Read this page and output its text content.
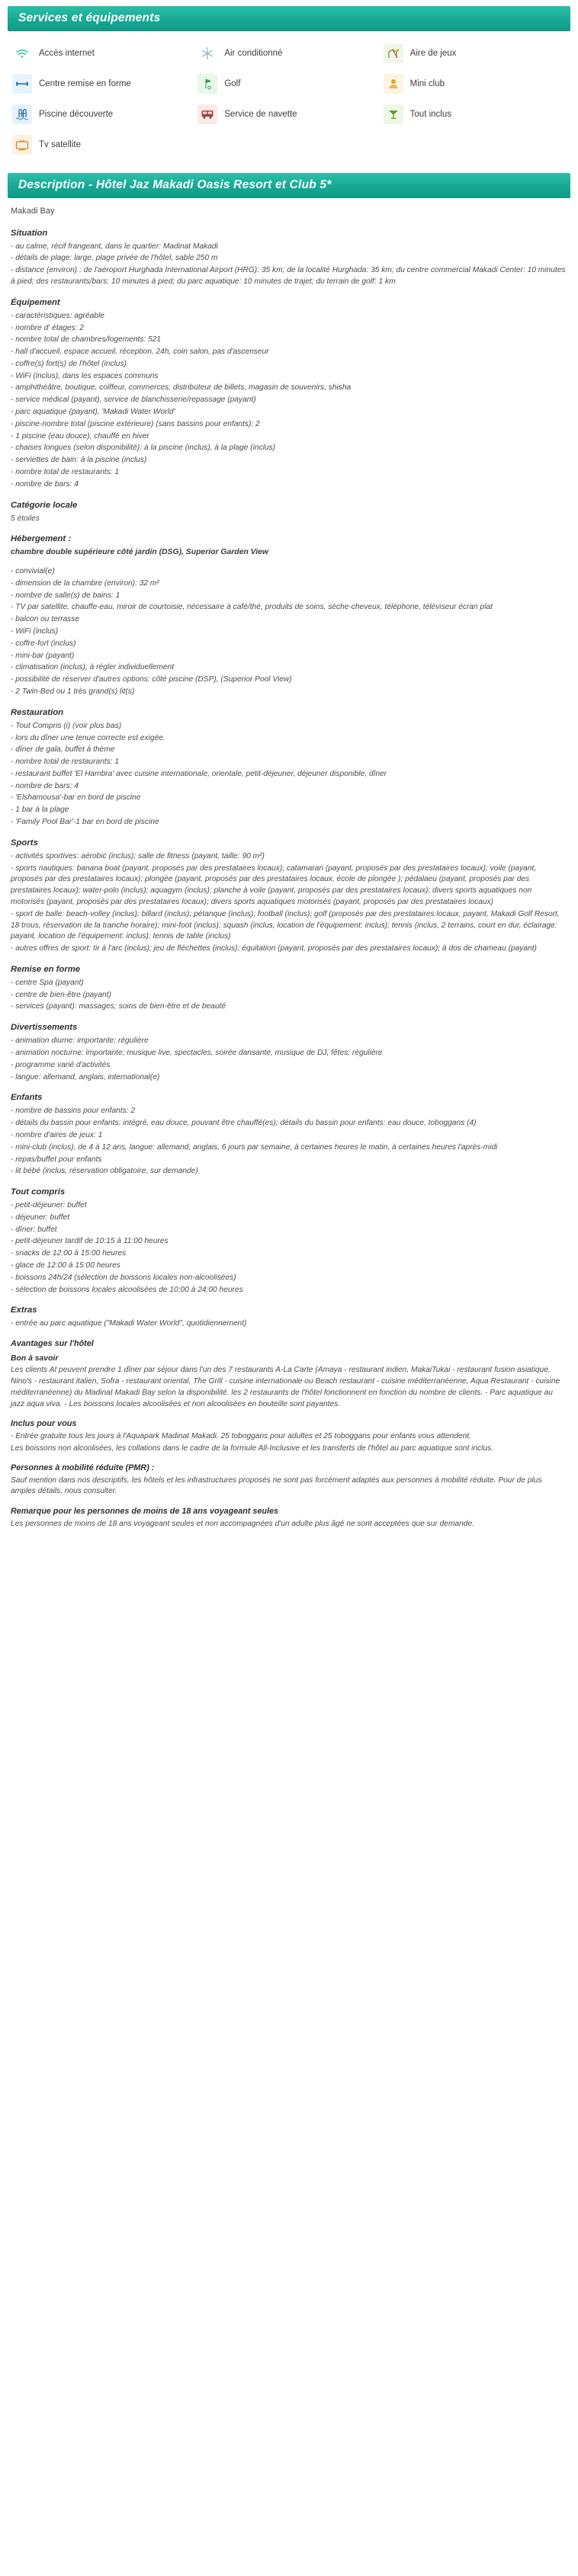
Services et équipements
Accès internet	Air conditionné	Aire de jeux
Centre remise en forme	Golf	Mini club
Piscine découverte	Service de navette	Tout inclus
Tv satellite
Description - Hôtel Jaz Makadi Oasis Resort et Club 5*
Makadi Bay
Situation

- au calme, récif frangeant, dans le quartier: Madinat Makadi

- détails de plage: large, plage privée de l'hôtel, sable 250 m

- distance (environ) : de l'aéroport Hurghada International Airport (HRG): 35 km; de la localité Hurghada: 35 km; du centre commercial Makadi Center: 10 minutes à pied; des restaurants/bars: 10 minutes à pied; du parc aquatique: 10 minutes de trajet; du terrain de golf: 1 km

Équipement

- caractéristiques: agréable

- nombre d' étages: 2

- nombre total de chambres/logements: 521

- hall d'accueil, espace accueil, réception, 24h, coin salon, pas d'ascenseur

- coffre(s) fort(s) de l'hôtel (inclus)

- WiFi (inclus), dans les espaces communs

- amphithéâtre, boutique, coiffeur, commerces, distributeur de billets, magasin de souvenirs, shisha

- service médical (payant), service de blanchisserie/repassage (payant)

- parc aquatique (payant), 'Makadi Water World'

- piscine-nombre total (piscine extérieure) (sans bassins pour enfants): 2

- 1 piscine (eau douce), chauffé en hiver

- chaises longues (selon disponibilité): à la piscine (inclus), à la plage (inclus)

- serviettes de bain: à la piscine (inclus)

- nombre total de restaurants: 1

- nombre de bars: 4

Catégorie locale

5 étoiles

Hébergement :
chambre double supérieure côté jardin (DSG), Superior Garden View

- convivial(e)

- dimension de la chambre (environ): 32 m²

- nombre de salle(s) de bains: 1

- TV par satellite, chauffe-eau, miroir de courtoisie, nécessaire à café/thé, produits de soins, sèche-cheveux, téléphone, téléviseur écran plat

- balcon ou terrasse

- WiFi (inclus)

- coffre-fort (inclus)

- mini-bar (payant)

- climatisation (inclus), à régler individuellement

- possibilité de réserver d'autres options: côté piscine (DSP), (Superior Pool View)

- 2 Twin-Bed ou 1 très grand(s) lit(s)

Restauration

- Tout Compris (i) (voir plus bas)

- lors du dîner une tenue correcte est exigée.

- dîner de gala, buffet à thème

- nombre total de restaurants: 1

- restaurant buffet 'El Hambra' avec cuisine internationale, orientale, petit-déjeuner, déjeuner disponible, dîner

- nombre de bars: 4

- 'Elshamousa'-bar en bord de piscine

- 1 bar à la plage

- 'Family Pool Bar'-1 bar en bord de piscine

Sports

- activités sportives: aérobic (inclus); salle de fitness (payant, taille: 90 m²)

- sports nautiques: banana boat (payant, proposés par des prestataires locaux); catamaran (payant, proposés par des prestataires locaux); voile (payant, proposés par des prestataires locaux); plongée (payant, proposés par des prestataires locaux, école de plongée ); pédalaeu (payant, proposés par des prestataires locaux); water-polo (inclus); aquagym (inclus); planche à voile (payant, proposés par des prestataires locaux); divers sports aquatiques non motorisés (payant, proposés par des prestataires locaux); divers sports aquatiques motorisés (payant, proposés par des prestataires locaux)

- sport de balle: beach-volley (inclus); billard (inclus); pétanque (inclus); football (inclus); golf (proposés par des prestataires locaux, payant, Makadi Golf Resort, 18 trous, réservation de la tranche horaire); mini-foot (inclus); squash (inclus, location de l'équipement: inclus); tennis (inclus, 2 terrains, court en dur, éclairage: payant, location de l'équipement: inclus); tennis de table (inclus)

- autres offres de sport: tir à l'arc (inclus); jeu de fléchettes (inclus); équitation (payant, proposés par des prestataires locaux); à dos de chameau (payant)

Remise en forme

- centre Spa (payant)

- centre de bien-être (payant)

- services (payant): massages; soins de bien-être et de beauté

Divertissements

- animation diurne: importante; régulière

- animation nocturne: importante; musique live, spectacles, soirée dansante, musique de DJ, fêtes; régulière

- programme varié d'activités

- langue: allemand, anglais, international(e)

Enfants

- nombre de bassins pour enfants: 2

- détails du bassin pour enfants: intégré, eau douce, pouvant être chauffé(es); détails du bassin pour enfants: eau douce, toboggans (4)

- nombre d'aires de jeux: 1

- mini-club (inclus), de 4 à 12 ans, langue: allemand, anglais, 6 jours par semaine, à certaines heures le matin, à certaines heures l'après-midi

- repas/buffet pour enfants

- lit bébé (inclus, réservation obligatoire, sur demande)

Tout compris

- petit-déjeuner: buffet

- déjeuner: buffet

- dîner: buffet

- petit-déjeuner tardif de 10:15 à 11:00 heures

- snacks de 12:00 à 15:00 heures

- glace de 12:00 à 15:00 heures

- boissons 24h/24 (sélection de boissons locales non-alcoolisées)

- sélection de boissons locales alcoolisées de 10:00 à 24:00 heures

Extras

- entrée au parc aquatique ("Makadi Water World", quotidiennement)

Avantages sur l'hôtel
Bon à savoir

Les clients AI peuvent prendre 1 dîner par séjour dans l'un des 7 restaurants A-La Carte (Amaya - restaurant indien, MakaiTukai - restaurant fusion asiatique, Nino's - restaurant italien, Sofra - restaurant oriental, The Grill - cuisine internationale ou Beach restaurant - cuisine méditerranéenne, Aqua Restaurant - cuisine méditerranéenne) du Madinat Makadi Bay selon la disponibilité. les 2 restaurants de l'hôtel fonctionnent en fonction du nombre de clients. - Parc aquatique au jazz aqua viva. - Les boissons locales alcoolisées et non alcoolisées en bouteille sont payantes.

Inclus pour vous

- Entrée gratuite tous les jours à l'Aquapark Madinat Makadi. 25 toboggans pour adultes et 25 toboggans pour enfants vous attendent.

Les boissons non alcoolisées, les collations dans le cadre de la formule All-Inclusive et les transferts de l'hôtel au parc aquatique sont inclus.

Personnes à mobilité réduite (PMR) :

Sauf mention dans nos descriptifs, les hôtels et les infrastructures proposés ne sont pas forcément adaptés aux personnes à mobilité réduite. Pour de plus amples détails, nous consulter.

Remarque pour les personnes de moins de 18 ans voyageant seules

Les personnes de moins de 18 ans voyageant seules et non accompagnées d'un adulte plus âgé ne sont acceptées que sur demande.
